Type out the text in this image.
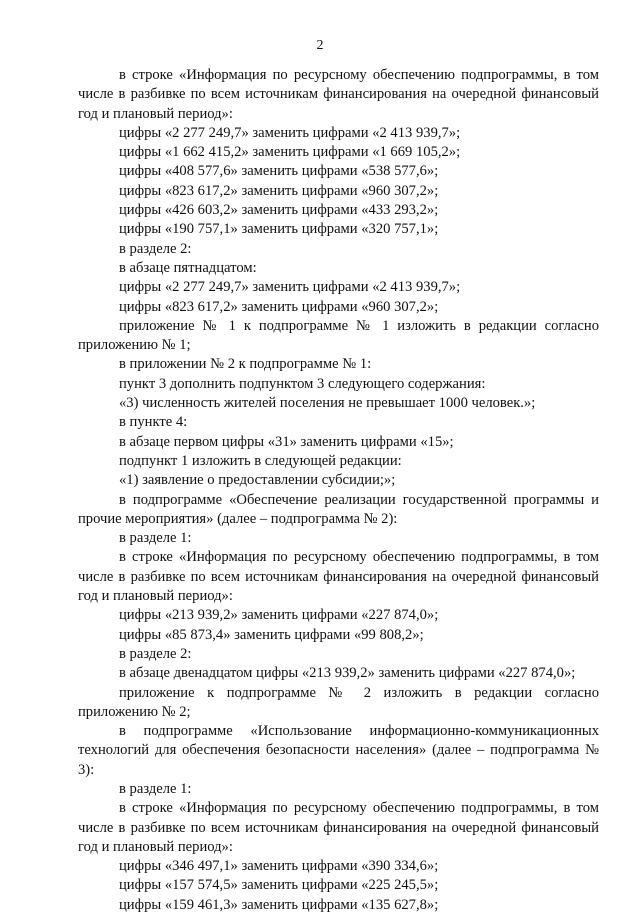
2

в строке «Информация по ресурсному обеспечению подпрограммы, в том числе в разбивке по всем источникам финансирования на очередной финансовый год и плановый период»:

цифры «2 277 249,7» заменить цифрами «2 413 939,7»;

цифры «1 662 415,2» заменить цифрами «1 669 105,2»;

цифры «408 577,6» заменить цифрами «538 577,6»;

цифры «823 617,2» заменить цифрами «960 307,2»;

цифры «426 603,2» заменить цифрами «433 293,2»;

цифры «190 757,1» заменить цифрами «320 757,1»;

в разделе 2:

в абзаце пятнадцатом:

цифры «2 277 249,7» заменить цифрами «2 413 939,7»;

цифры «823 617,2» заменить цифрами «960 307,2»;

приложение № 1 к подпрограмме № 1 изложить в редакции согласно приложению № 1;

в приложении № 2 к подпрограмме № 1:

пункт 3 дополнить подпунктом 3 следующего содержания:

«3) численность жителей поселения не превышает 1000 человек.»;

в пункте 4:

в абзаце первом цифры «31» заменить цифрами «15»;

подпункт 1 изложить в следующей редакции:

«1) заявление о предоставлении субсидии;»;

в подпрограмме «Обеспечение реализации государственной программы и прочие мероприятия» (далее – подпрограмма № 2):

в разделе 1:

в строке «Информация по ресурсному обеспечению подпрограммы, в том числе в разбивке по всем источникам финансирования на очередной финансовый год и плановый период»:

цифры «213 939,2» заменить цифрами «227 874,0»;

цифры «85 873,4» заменить цифрами «99 808,2»;

в разделе 2:

в абзаце двенадцатом цифры «213 939,2» заменить цифрами «227 874,0»;

приложение к подпрограмме № 2 изложить в редакции согласно приложению № 2;

в подпрограмме «Использование информационно-коммуникационных технологий для обеспечения безопасности населения» (далее – подпрограмма № 3):

в разделе 1:

в строке «Информация по ресурсному обеспечению подпрограммы, в том числе в разбивке по всем источникам финансирования на очередной финансовый год и плановый период»:

цифры «346 497,1» заменить цифрами «390 334,6»;

цифры «157 574,5» заменить цифрами «225 245,5»;

цифры «159 461,3» заменить цифрами «135 627,8»;
